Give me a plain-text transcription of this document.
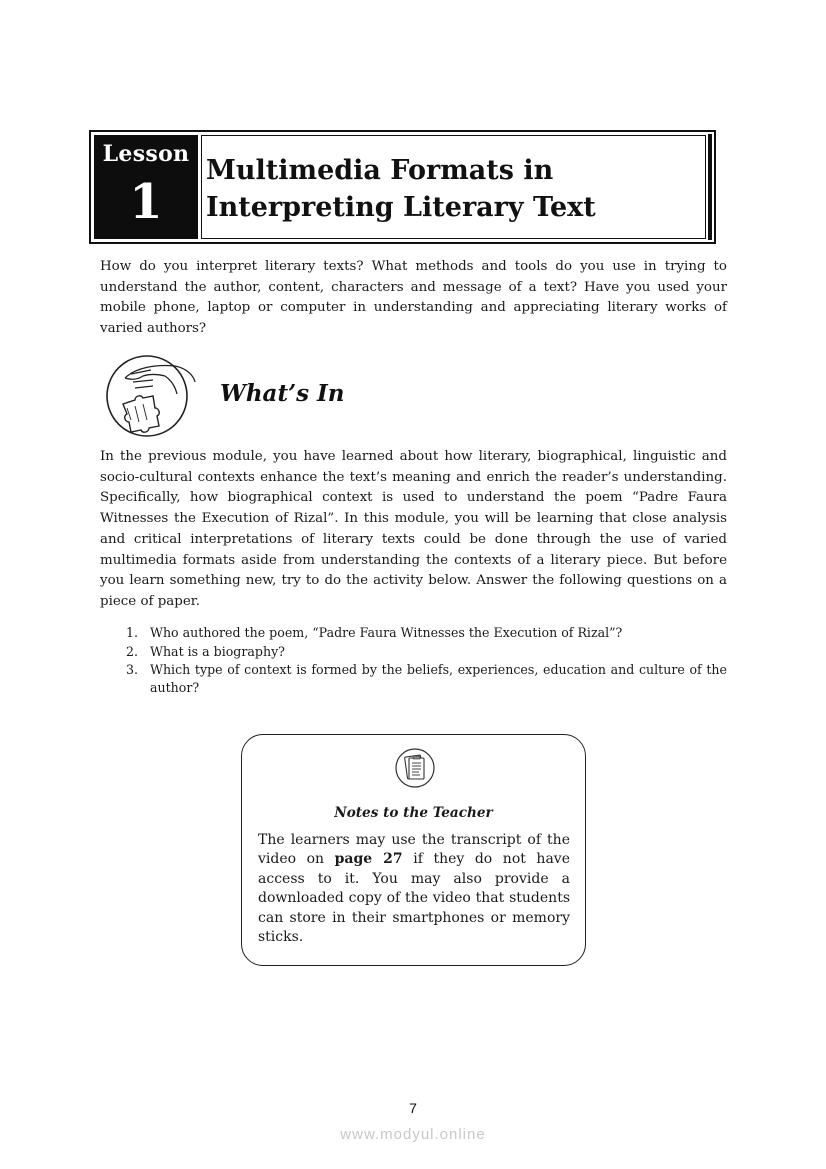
Lesson
1
Multimedia Formats in
Interpreting Literary Text

How do you interpret literary texts? What methods and tools do you use in trying to understand the author, content, characters and message of a text? Have you used your mobile phone, laptop or computer in understanding and appreciating literary works of varied authors?

What’s In

In the previous module, you have learned about how literary, biographical, linguistic and socio-cultural contexts enhance the text’s meaning and enrich the reader’s understanding. Specifically, how biographical context is used to understand the poem “Padre Faura Witnesses the Execution of Rizal”. In this module, you will be learning that close analysis and critical interpretations of literary texts could be done through the use of varied multimedia formats aside from understanding the contexts of a literary piece. But before you learn something new, try to do the activity below. Answer the following questions on a piece of paper.

1. Who authored the poem, “Padre Faura Witnesses the Execution of Rizal”?
2. What is a biography?
3. Which type of context is formed by the beliefs, experiences, education and culture of the author?
Notes to the Teacher
The learners may use the transcript of the video on page 27 if they do not have access to it. You may also provide a downloaded copy of the video that students can store in their smartphones or memory sticks.
7
www.modyul.online
